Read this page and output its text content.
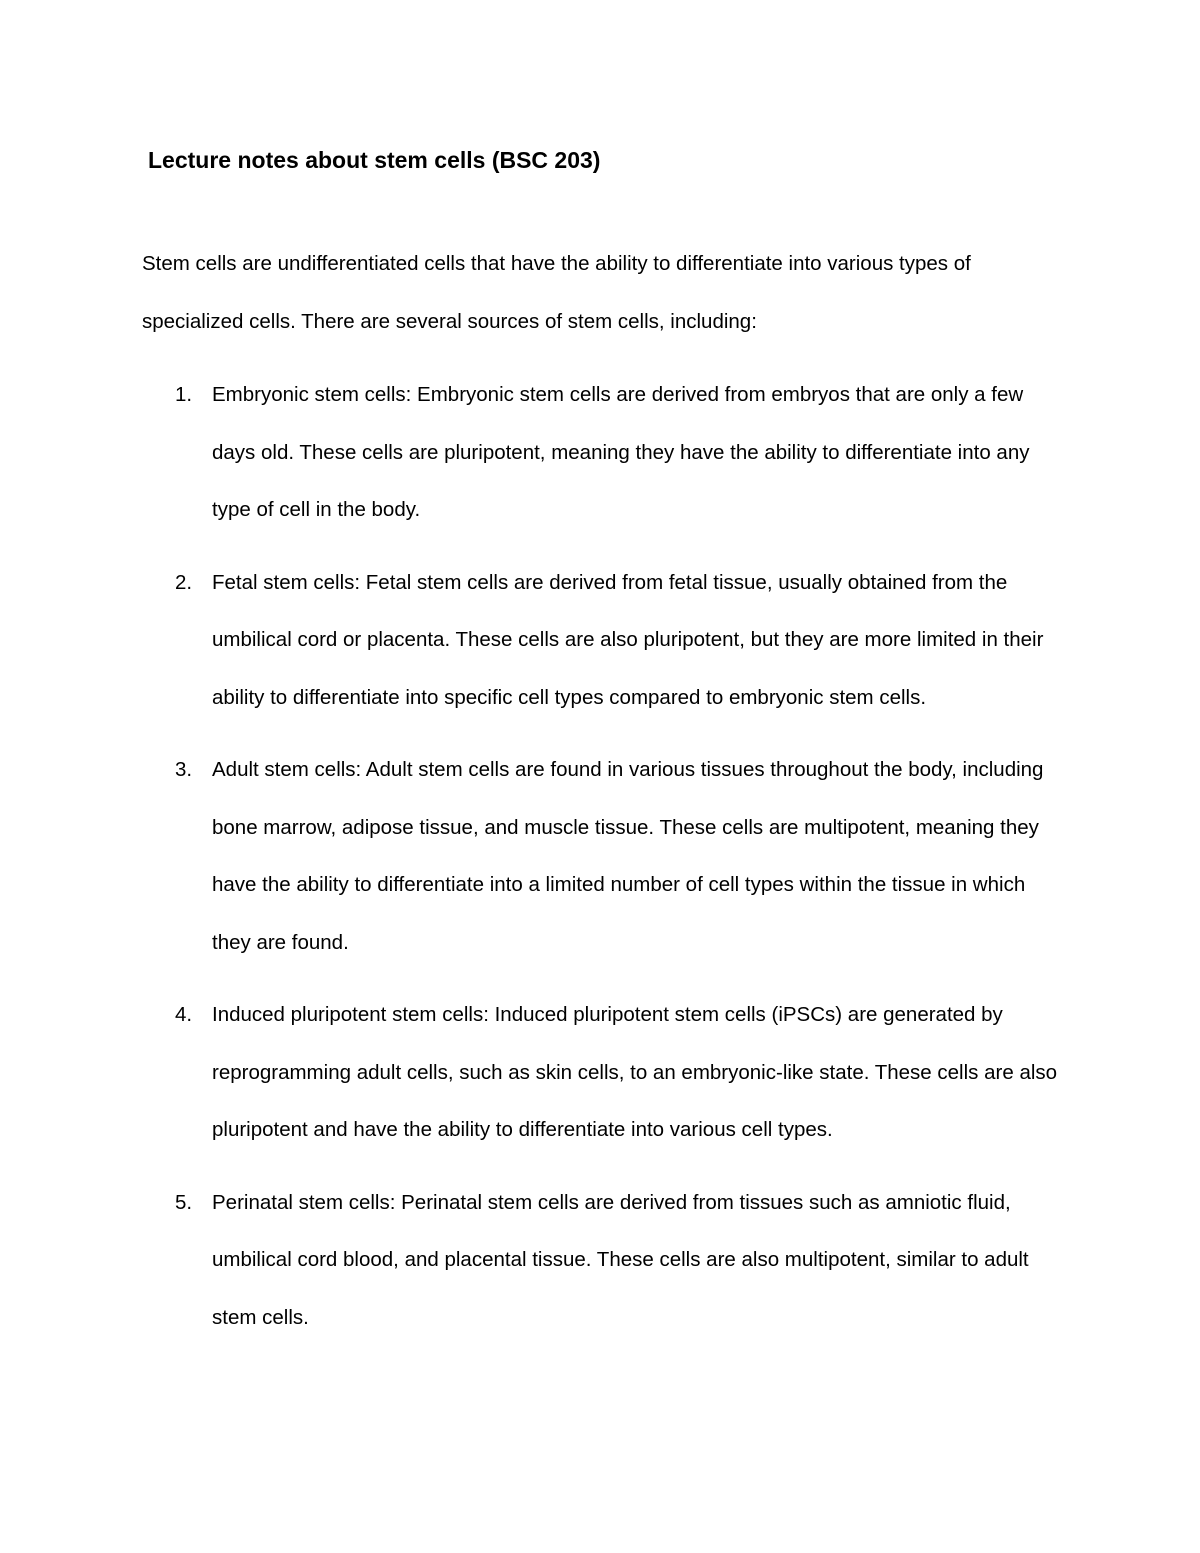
Lecture notes about stem cells (BSC 203)

Stem cells are undifferentiated cells that have the ability to differentiate into various types of specialized cells. There are several sources of stem cells, including:

1. Embryonic stem cells: Embryonic stem cells are derived from embryos that are only a few days old. These cells are pluripotent, meaning they have the ability to differentiate into any type of cell in the body.
2. Fetal stem cells: Fetal stem cells are derived from fetal tissue, usually obtained from the umbilical cord or placenta. These cells are also pluripotent, but they are more limited in their ability to differentiate into specific cell types compared to embryonic stem cells.
3. Adult stem cells: Adult stem cells are found in various tissues throughout the body, including bone marrow, adipose tissue, and muscle tissue. These cells are multipotent, meaning they have the ability to differentiate into a limited number of cell types within the tissue in which they are found.
4. Induced pluripotent stem cells: Induced pluripotent stem cells (iPSCs) are generated by reprogramming adult cells, such as skin cells, to an embryonic-like state. These cells are also pluripotent and have the ability to differentiate into various cell types.
5. Perinatal stem cells: Perinatal stem cells are derived from tissues such as amniotic fluid, umbilical cord blood, and placental tissue. These cells are also multipotent, similar to adult stem cells.
